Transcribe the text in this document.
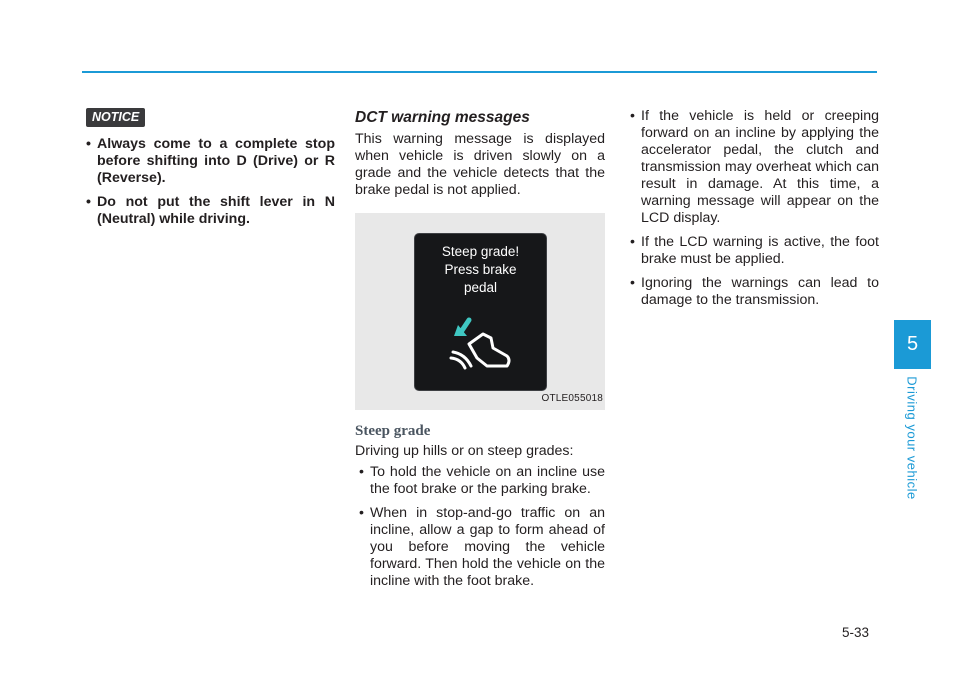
NOTICE
• Always come to a complete stop before shifting into D (Drive) or R (Reverse).
• Do not put the shift lever in N (Neutral) while driving.
DCT warning messages

This warning message is displayed when vehicle is driven slowly on a grade and the vehicle detects that the brake pedal is not applied.

Steep grade!
Press brake
pedal
OTLE055018
Steep grade

Driving up hills or on steep grades:

• To hold the vehicle on an incline use the foot brake or the parking brake.
• When in stop-and-go traffic on an incline, allow a gap to form ahead of you before moving the vehicle forward. Then hold the vehicle on the incline with the foot brake.
• If the vehicle is held or creeping forward on an incline by applying the accelerator pedal, the clutch and transmission may overheat which can result in damage. At this time, a warning message will appear on the LCD display.
• If the LCD warning is active, the foot brake must be applied.
• Ignoring the warnings can lead to damage to the transmission.
5
Driving your vehicle
5-33
